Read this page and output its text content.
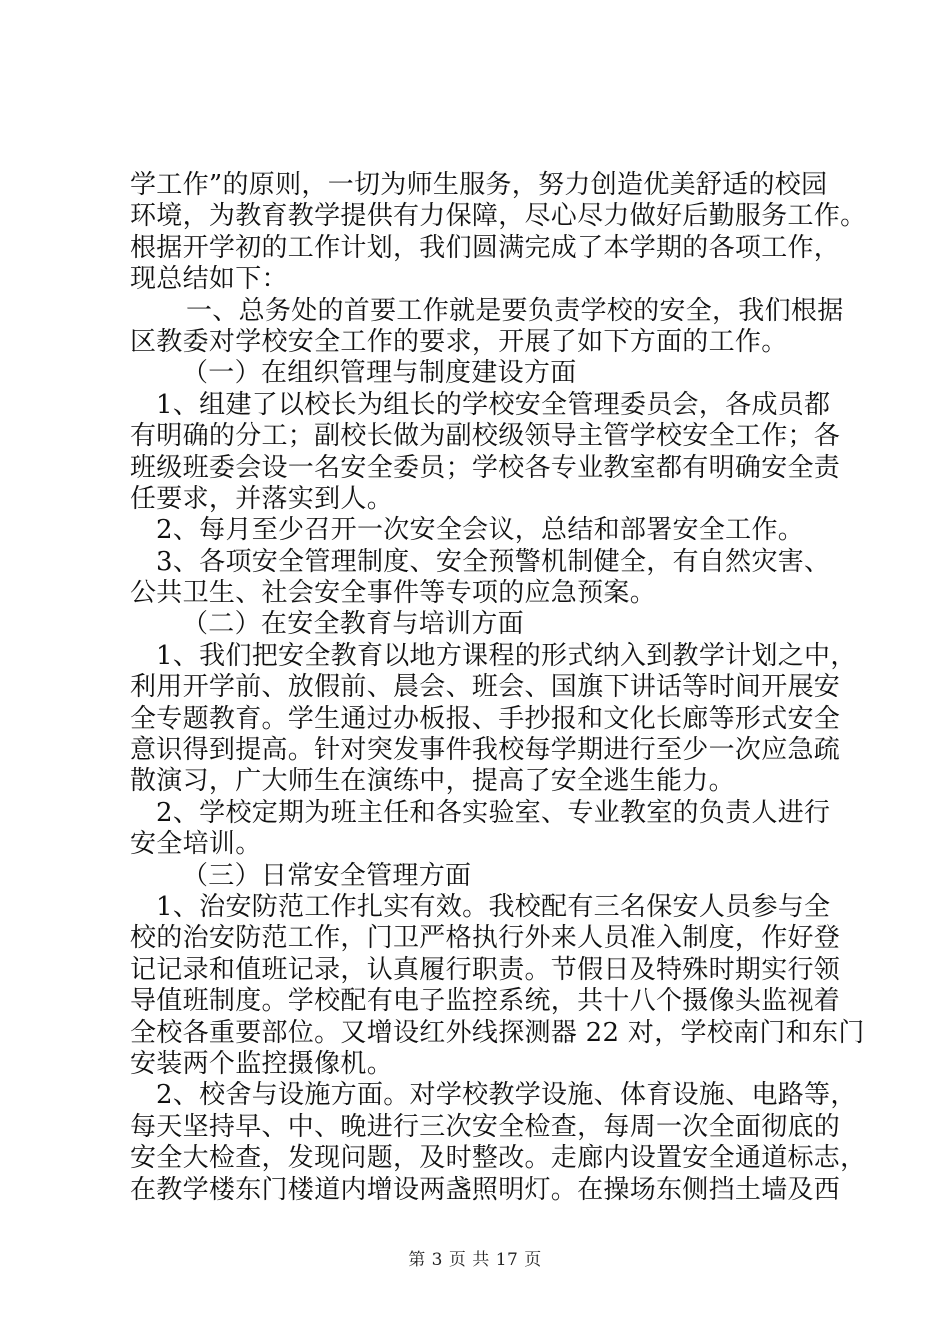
学工作”的原则，一切为师生服务，努力创造优美舒适的校园
环境，为教育教学提供有力保障，尽心尽力做好后勤服务工作。
根据开学初的工作计划，我们圆满完成了本学期的各项工作，
现总结如下：
一、总务处的首要工作就是要负责学校的安全，我们根据
区教委对学校安全工作的要求，开展了如下方面的工作。
（一）在组织管理与制度建设方面
1、组建了以校长为组长的学校安全管理委员会，各成员都
有明确的分工；副校长做为副校级领导主管学校安全工作；各
班级班委会设一名安全委员；学校各专业教室都有明确安全责
任要求，并落实到人。
2、每月至少召开一次安全会议，总结和部署安全工作。
3、各项安全管理制度、安全预警机制健全，有自然灾害、
公共卫生、社会安全事件等专项的应急预案。
（二）在安全教育与培训方面
1、我们把安全教育以地方课程的形式纳入到教学计划之中，
利用开学前、放假前、晨会、班会、国旗下讲话等时间开展安
全专题教育。学生通过办板报、手抄报和文化长廊等形式安全
意识得到提高。针对突发事件我校每学期进行至少一次应急疏
散演习，广大师生在演练中，提高了安全逃生能力。
2、学校定期为班主任和各实验室、专业教室的负责人进行
安全培训。
（三）日常安全管理方面
1、治安防范工作扎实有效。我校配有三名保安人员参与全
校的治安防范工作，门卫严格执行外来人员准入制度，作好登
记记录和值班记录，认真履行职责。节假日及特殊时期实行领
导值班制度。学校配有电子监控系统，共十八个摄像头监视着
全校各重要部位。又增设红外线探测器 22 对，学校南门和东门
安装两个监控摄像机。
2、校舍与设施方面。对学校教学设施、体育设施、电路等，
每天坚持早、中、晚进行三次安全检查，每周一次全面彻底的
安全大检查，发现问题，及时整改。走廊内设置安全通道标志，
在教学楼东门楼道内增设两盏照明灯。在操场东侧挡土墙及西
第 3 页 共 17 页
